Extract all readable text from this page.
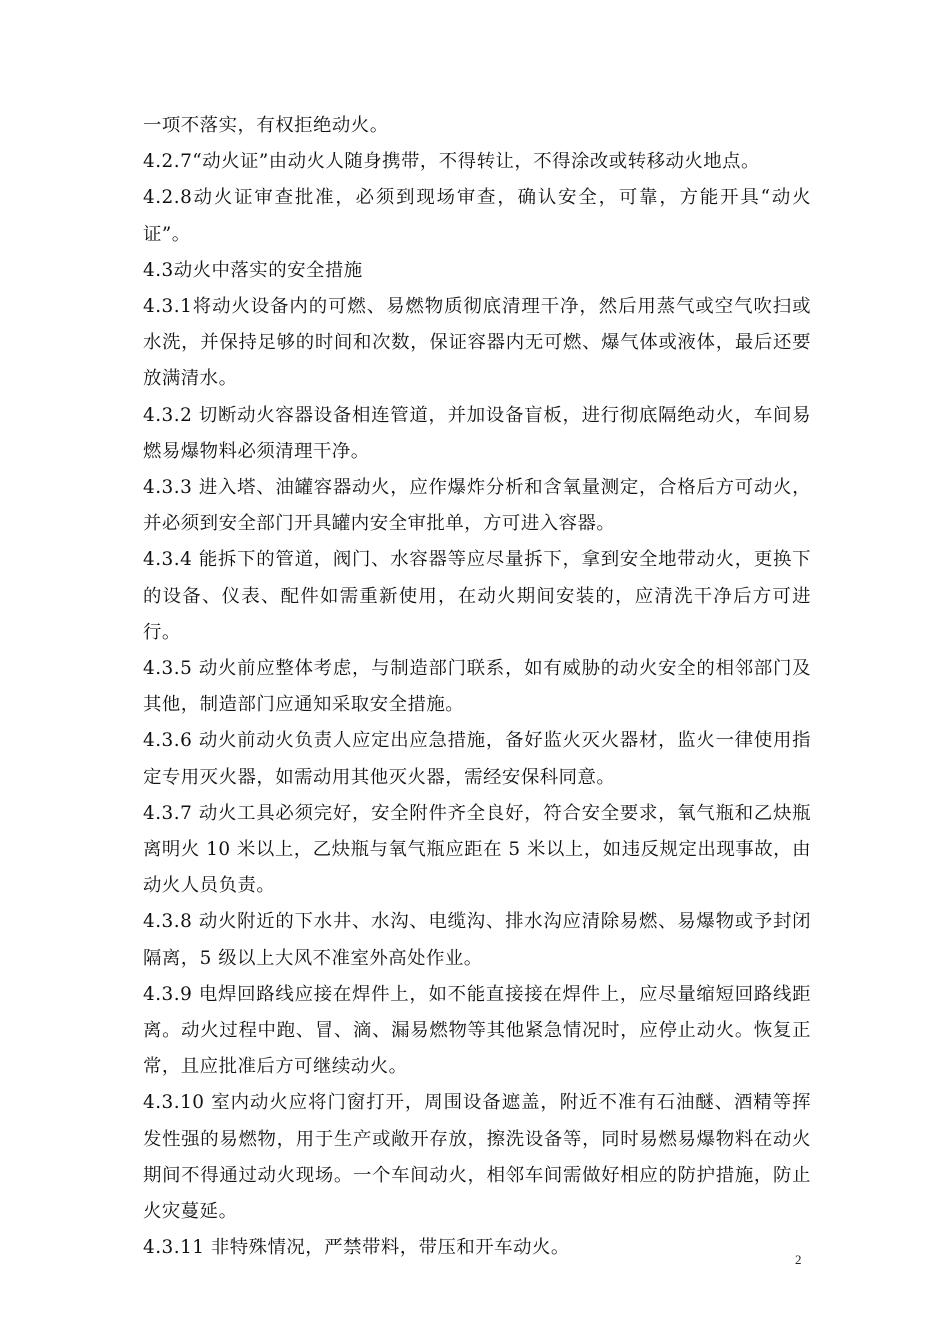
一项不落实，有权拒绝动火。

4.2.7“动火证”由动火人随身携带，不得转让，不得涂改或转移动火地点。

4.2.8动火证审查批准，必须到现场审查，确认安全，可靠，方能开具“动火证”。

4.3动火中落实的安全措施

4.3.1将动火设备内的可燃、易燃物质彻底清理干净，然后用蒸气或空气吹扫或水洗，并保持足够的时间和次数，保证容器内无可燃、爆气体或液体，最后还要放满清水。

4.3.2 切断动火容器设备相连管道，并加设备盲板，进行彻底隔绝动火，车间易燃易爆物料必须清理干净。

4.3.3 进入塔、油罐容器动火，应作爆炸分析和含氧量测定，合格后方可动火，并必须到安全部门开具罐内安全审批单，方可进入容器。

4.3.4 能拆下的管道，阀门、水容器等应尽量拆下，拿到安全地带动火，更换下的设备、仪表、配件如需重新使用，在动火期间安装的，应清洗干净后方可进行。

4.3.5 动火前应整体考虑，与制造部门联系，如有威胁的动火安全的相邻部门及其他，制造部门应通知采取安全措施。

4.3.6 动火前动火负责人应定出应急措施，备好监火灭火器材，监火一律使用指定专用灭火器，如需动用其他灭火器，需经安保科同意。

4.3.7 动火工具必须完好，安全附件齐全良好，符合安全要求，氧气瓶和乙炔瓶离明火 10 米以上，乙炔瓶与氧气瓶应距在 5 米以上，如违反规定出现事故，由动火人员负责。

4.3.8 动火附近的下水井、水沟、电缆沟、排水沟应清除易燃、易爆物或予封闭隔离，5 级以上大风不准室外高处作业。

4.3.9 电焊回路线应接在焊件上，如不能直接接在焊件上，应尽量缩短回路线距离。动火过程中跑、冒、滴、漏易燃物等其他紧急情况时，应停止动火。恢复正常，且应批准后方可继续动火。

4.3.10 室内动火应将门窗打开，周围设备遮盖，附近不准有石油醚、酒精等挥发性强的易燃物，用于生产或敞开存放，擦洗设备等，同时易燃易爆物料在动火期间不得通过动火现场。一个车间动火，相邻车间需做好相应的防护措施，防止火灾蔓延。

4.3.11 非特殊情况，严禁带料，带压和开车动火。

2
